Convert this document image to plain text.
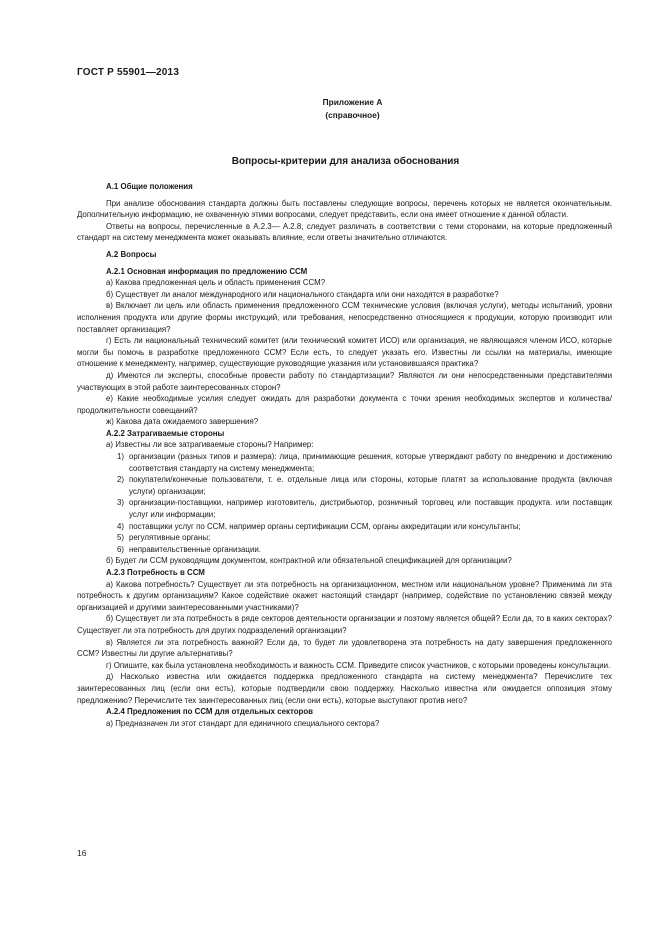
ГОСТ Р 55901—2013
Приложение А
(справочное)
Вопросы-критерии для анализа обоснования
А.1 Общие положения
При анализе обоснования стандарта должны быть поставлены следующие вопросы, перечень которых не является окончательным. Дополнительную информацию, не охваченную этими вопросами, следует представить, если она имеет отношение к данной области.
Ответы на вопросы, перечисленные в А.2.3— А.2.8, следует различать в соответствии с теми сторонами, на которые предложенный стандарт на систему менеджмента может оказывать влияние, если ответы значительно отличаются.
А.2 Вопросы
А.2.1 Основная информация по предложению ССМ
а) Какова предложенная цель и область применения ССМ?
б) Существует ли аналог международного или национального стандарта или они находятся в разработке?
в) Включает ли цель или область применения предложенного ССМ технические условия (включая услуги), методы испытаний, уровни исполнения продукта или другие формы инструкций, или требования, непосредственно относящиеся к продукции, которую производит или поставляет организация?
г) Есть ли национальный технический комитет (или технический комитет ИСО) или организация, не являющаяся членом ИСО, которые могли бы помочь в разработке предложенного ССМ? Если есть, то следует указать его. Известны ли ссылки на материалы, имеющие отношение к менеджменту, например, существующие руководящие указания или установившаяся практика?
д) Имеются ли эксперты, способные провести работу по стандартизации? Являются ли они непосредственными представителями участвующих в этой работе заинтересованных сторон?
е) Какие необходимые усилия следует ожидать для разработки документа с точки зрения необходимых экспертов и количества/продолжительности совещаний?
ж) Какова дата ожидаемого завершения?
А.2.2 Затрагиваемые стороны
а) Известны ли все затрагиваемые стороны? Например:
1) организации (разных типов и размера): лица, принимающие решения, которые утверждают работу по внедрению и достижению соответствия стандарту на систему менеджмента;
2) покупатели/конечные пользователи, т. е. отдельные лица или стороны, которые платят за использование продукта (включая услуги) организации;
3) организации-поставщики, например изготовитель, дистрибьютор, розничный торговец или поставщик продукта. или поставщик услуг или информации;
4) поставщики услуг по ССМ, например органы сертификации ССМ, органы аккредитации или консультанты;
5) регулятивные органы;
6) неправительственные организации.
б) Будет ли ССМ руководящим документом, контрактной или обязательной спецификацией для организации?
А.2.3 Потребность в ССМ
а) Какова потребность? Существует ли эта потребность на организационном, местном или национальном уровне? Применима ли эта потребность к другим организациям? Какое содействие окажет настоящий стандарт (например, содействие по установлению связей между организацией и другими заинтересованными участниками)?
б) Существует ли эта потребность в ряде секторов деятельности организации и поэтому является общей? Если да, то в каких секторах? Существует ли эта потребность для других подразделений организации?
в) Является ли эта потребность важной? Если да, то будет ли удовлетворена эта потребность на дату завершения предложенного ССМ? Известны ли другие альтернативы?
г) Опишите, как была установлена необходимость и важность ССМ. Приведите список участников, с которыми проведены консультации.
д) Насколько известна или ожидается поддержка предложенного стандарта на систему менеджмента? Перечислите тех заинтересованных лиц (если они есть), которые подтвердили свою поддержку. Насколько известна или ожидается оппозиция этому предложению? Перечислите тех заинтересованных лиц (если они есть), которые выступают против него?
А.2.4 Предложения по ССМ для отдельных секторов
а) Предназначен ли этот стандарт для единичного специального сектора?
16
